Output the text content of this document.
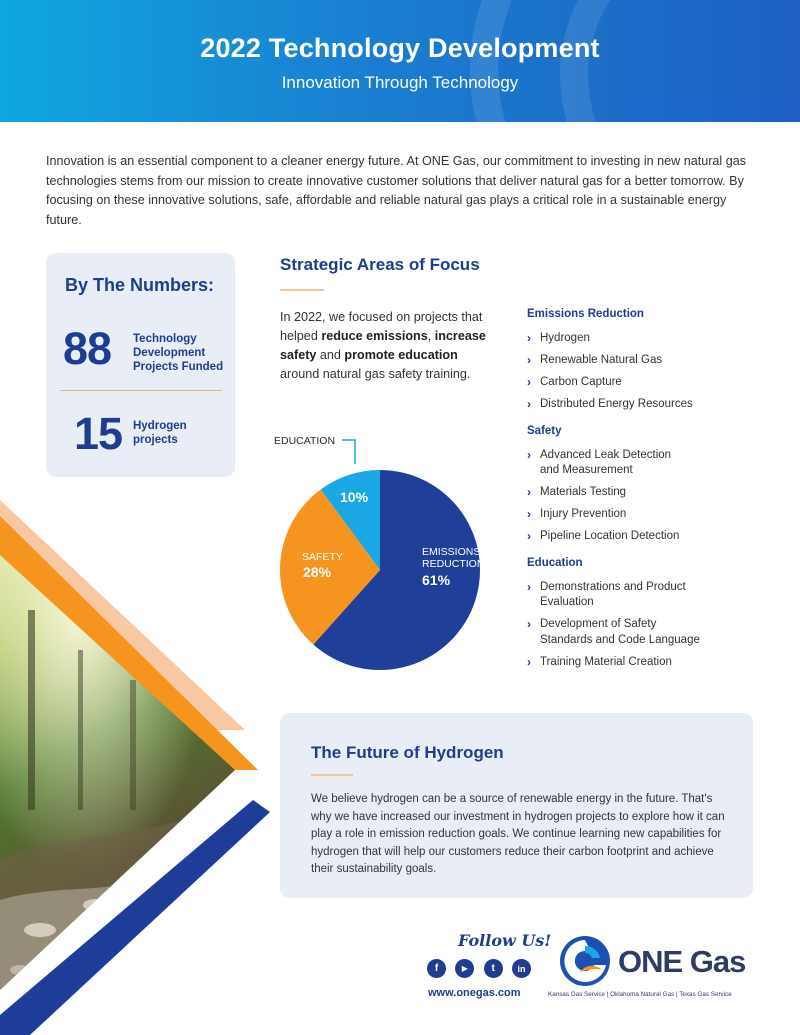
2022 Technology Development
Innovation Through Technology

Innovation is an essential component to a cleaner energy future. At ONE Gas, our commitment to investing in new natural gas technologies stems from our mission to create innovative customer solutions that deliver natural gas for a better tomorrow. By focusing on these innovative solutions, safe, affordable and reliable natural gas plays a critical role in a sustainable energy future.

By The Numbers:
88 Technology
Development
Projects Funded
15 Hydrogen
projects
Strategic Areas of Focus

In 2022, we focused on projects that helped reduce emissions, increase safety and promote education around natural gas safety training.

EMISSIONS
REDUCTION
61%
SAFETY
28%
10%
EDUCATION
Emissions Reduction
› Hydrogen
› Renewable Natural Gas
› Carbon Capture
› Distributed Energy Resources
Safety
› Advanced Leak Detection
and Measurement
› Materials Testing
› Injury Prevention
› Pipeline Location Detection
Education
› Demonstrations and Product
Evaluation
› Development of Safety
Standards and Code Language
› Training Material Creation
The Future of Hydrogen

We believe hydrogen can be a source of renewable energy in the future. That's why we have increased our investment in hydrogen projects to explore how it can play a role in emission reduction goals. We continue learning new capabilities for hydrogen that will help our customers reduce their carbon footprint and achieve their sustainability goals.

Follow Us!
f	▶	t	in
www.onegas.com
ONE Gas
Kansas Gas Service | Oklahoma Natural Gas | Texas Gas Service
